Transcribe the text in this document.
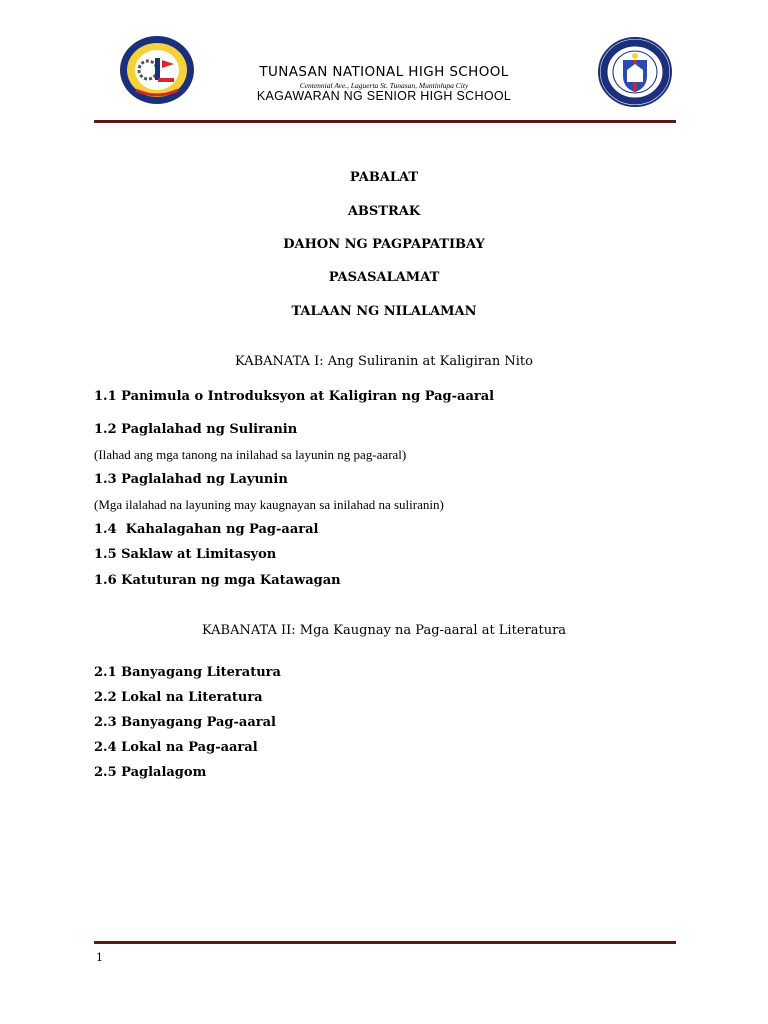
TUNASAN NATIONAL HIGH SCHOOL
Centennial Ave., Laguerta St. Tunasan, Muntinlupa City
KAGAWARAN NG SENIOR HIGH SCHOOL
PABALAT
ABSTRAK
DAHON NG PAGPAPATIBAY
PASASALAMAT
TALAAN NG NILALAMAN
KABANATA I: Ang Suliranin at Kaligiran Nito
1.1 Panimula o Introduksyon at Kaligiran ng Pag-aaral
1.2 Paglalahad ng Suliranin
(Ilahad ang mga tanong na inilahad sa layunin ng pag-aaral)
1.3 Paglalahad ng Layunin
(Mga ilalahad na layuning may kaugnayan sa inilahad na suliranin)
1.4  Kahalagahan ng Pag-aaral
1.5 Saklaw at Limitasyon
1.6 Katuturan ng mga Katawagan
KABANATA II: Mga Kaugnay na Pag-aaral at Literatura
2.1 Banyagang Literatura
2.2 Lokal na Literatura
2.3 Banyagang Pag-aaral
2.4 Lokal na Pag-aaral
2.5 Paglalagom
1
